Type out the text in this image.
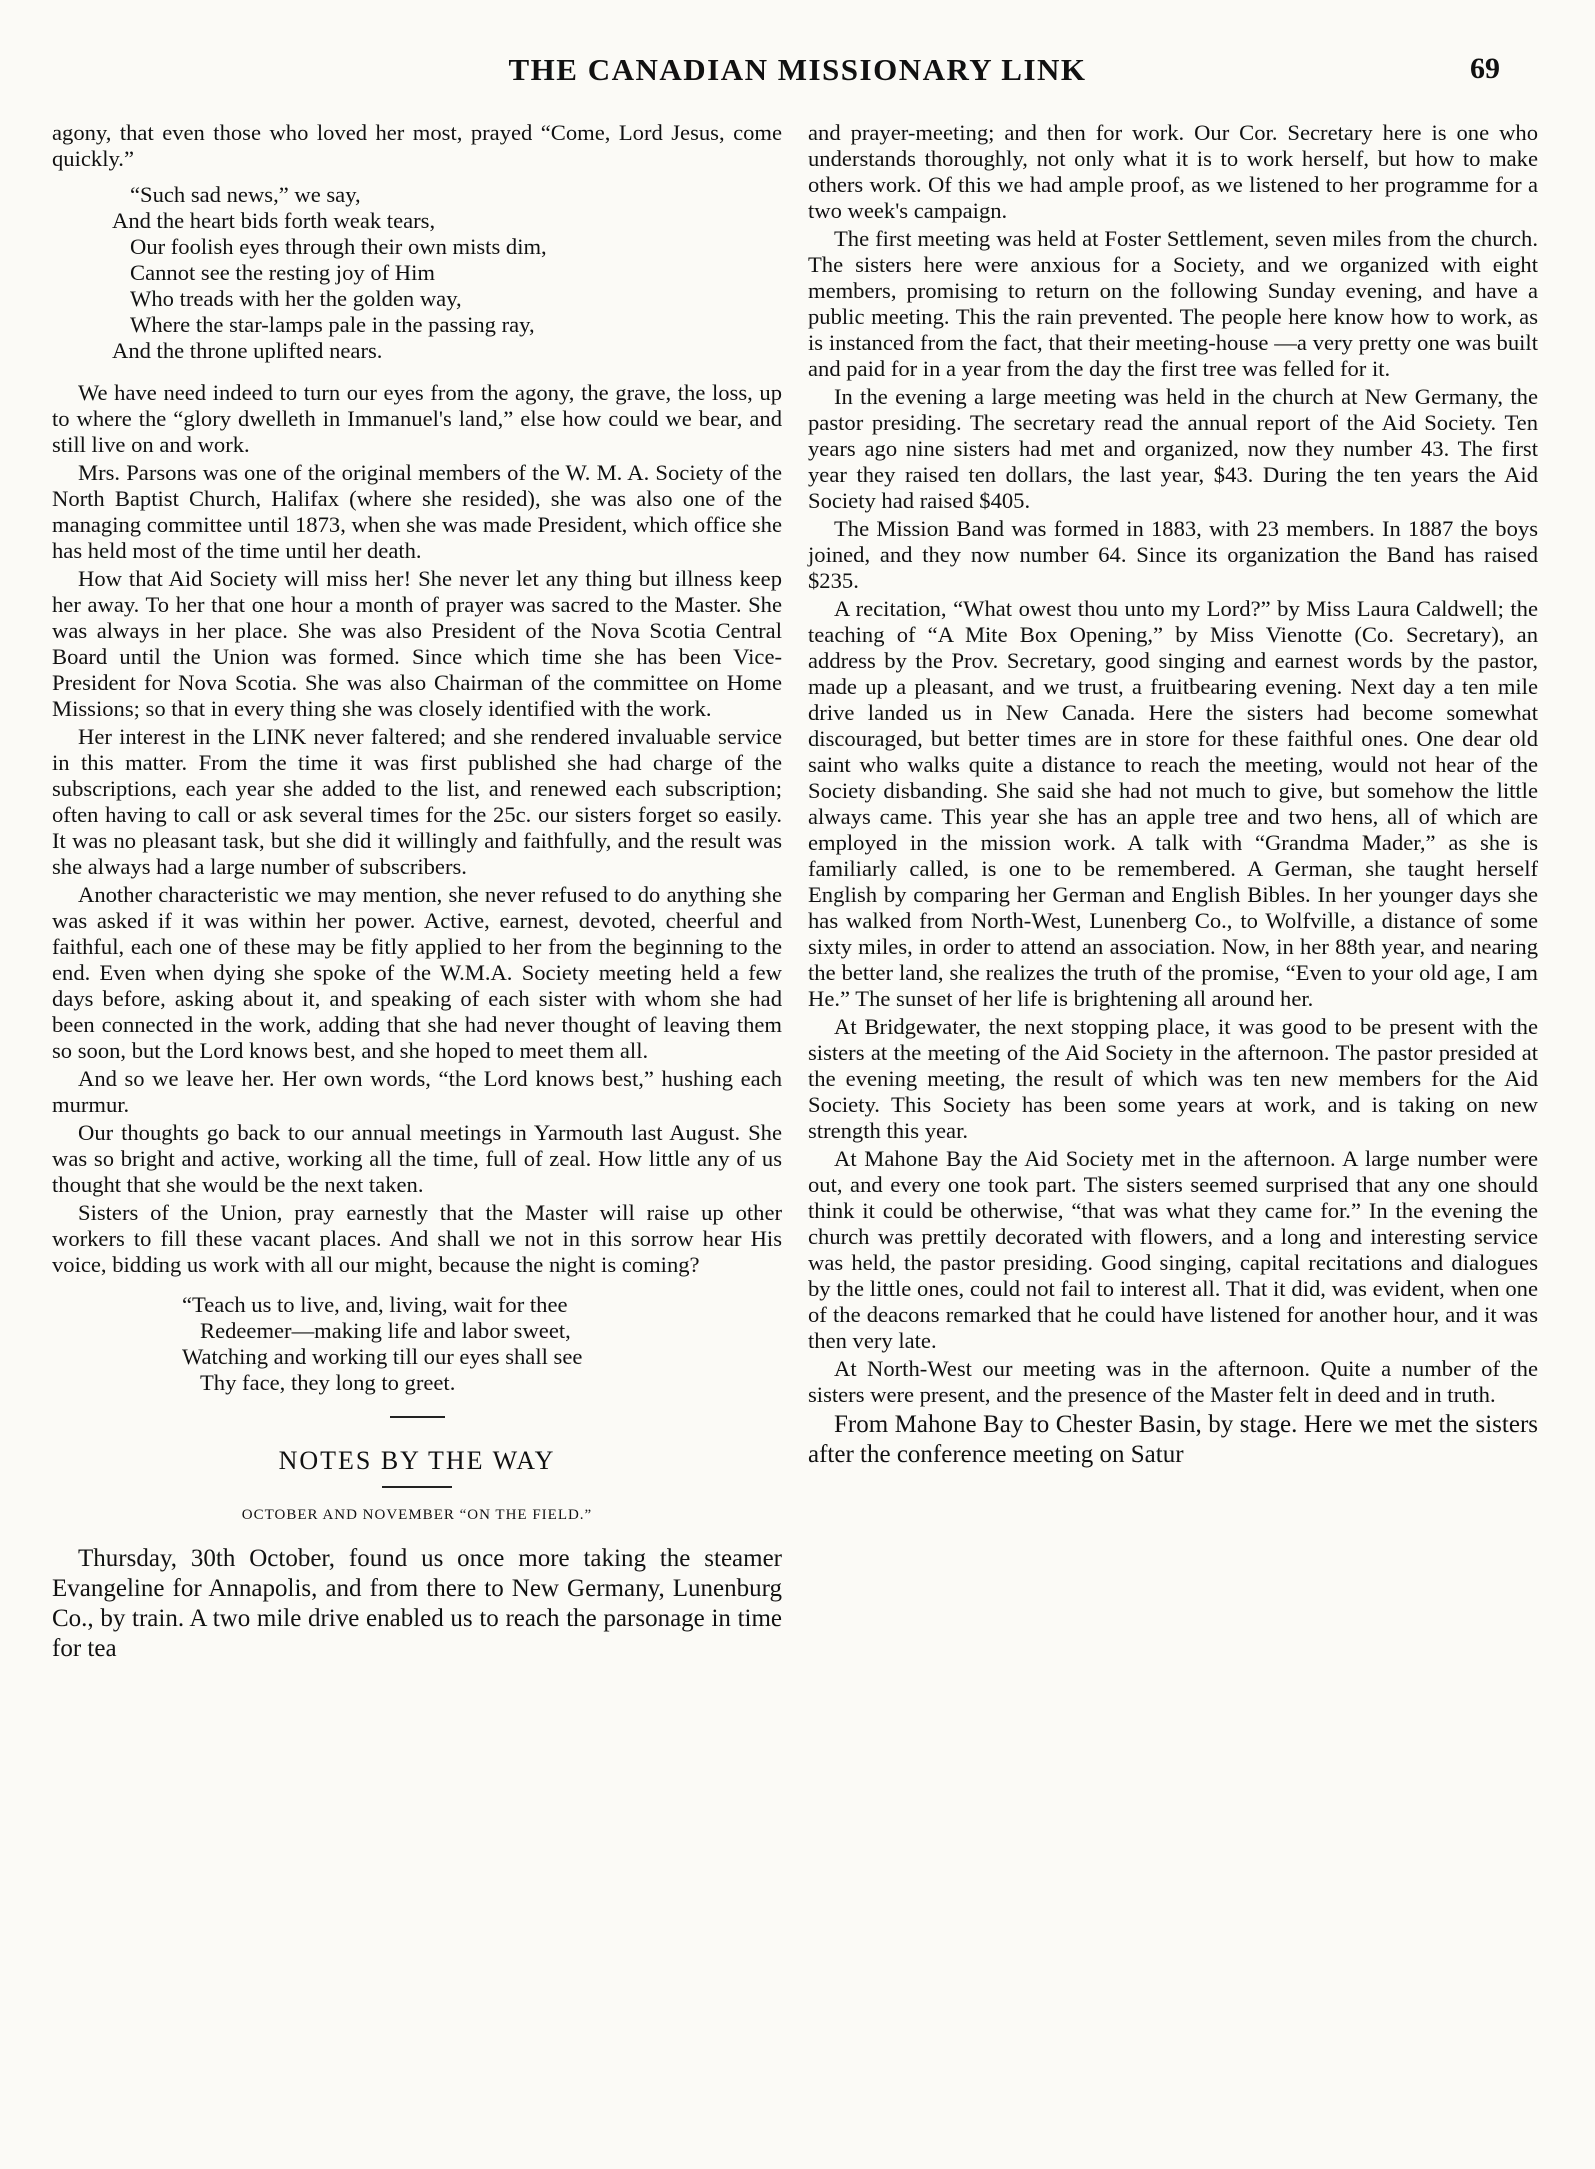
THE CANADIAN MISSIONARY LINK	69

agony, that even those who loved her most, prayed “Come, Lord Jesus, come quickly.”

“Such sad news,” we say,
And the heart bids forth weak tears,
Our foolish eyes through their own mists dim,
Cannot see the resting joy of Him
Who treads with her the golden way,
Where the star-lamps pale in the passing ray,
And the throne uplifted nears.

We have need indeed to turn our eyes from the agony, the grave, the loss, up to where the “glory dwelleth in Immanuel's land,” else how could we bear, and still live on and work.

Mrs. Parsons was one of the original members of the W. M. A. Society of the North Baptist Church, Halifax (where she resided), she was also one of the managing committee until 1873, when she was made President, which office she has held most of the time until her death.

How that Aid Society will miss her! She never let any thing but illness keep her away. To her that one hour a month of prayer was sacred to the Master. She was always in her place. She was also President of the Nova Scotia Central Board until the Union was formed. Since which time she has been Vice-President for Nova Scotia. She was also Chairman of the committee on Home Missions; so that in every thing she was closely identified with the work.

Her interest in the LINK never faltered; and she rendered invaluable service in this matter. From the time it was first published she had charge of the subscriptions, each year she added to the list, and renewed each subscription; often having to call or ask several times for the 25c. our sisters forget so easily. It was no pleasant task, but she did it willingly and faithfully, and the result was she always had a large number of subscribers.

Another characteristic we may mention, she never refused to do anything she was asked if it was within her power. Active, earnest, devoted, cheerful and faithful, each one of these may be fitly applied to her from the beginning to the end. Even when dying she spoke of the W.M.A. Society meeting held a few days before, asking about it, and speaking of each sister with whom she had been connected in the work, adding that she had never thought of leaving them so soon, but the Lord knows best, and she hoped to meet them all.

And so we leave her. Her own words, “the Lord knows best,” hushing each murmur.

Our thoughts go back to our annual meetings in Yarmouth last August. She was so bright and active, working all the time, full of zeal. How little any of us thought that she would be the next taken.

Sisters of the Union, pray earnestly that the Master will raise up other workers to fill these vacant places. And shall we not in this sorrow hear His voice, bidding us work with all our might, because the night is coming?

“Teach us to live, and, living, wait for thee
Redeemer—making life and labor sweet,
Watching and working till our eyes shall see
Thy face, they long to greet.
NOTES BY THE WAY
OCTOBER AND NOVEMBER “ON THE FIELD.”

Thursday, 30th October, found us once more taking the steamer Evangeline for Annapolis, and from there to New Germany, Lunenburg Co., by train. A two mile drive enabled us to reach the parsonage in time for tea

and prayer-meeting; and then for work. Our Cor. Secretary here is one who understands thoroughly, not only what it is to work herself, but how to make others work. Of this we had ample proof, as we listened to her programme for a two week's campaign.

The first meeting was held at Foster Settlement, seven miles from the church. The sisters here were anxious for a Society, and we organized with eight members, promising to return on the following Sunday evening, and have a public meeting. This the rain prevented. The people here know how to work, as is instanced from the fact, that their meeting-house —a very pretty one was built and paid for in a year from the day the first tree was felled for it.

In the evening a large meeting was held in the church at New Germany, the pastor presiding. The secretary read the annual report of the Aid Society. Ten years ago nine sisters had met and organized, now they number 43. The first year they raised ten dollars, the last year, $43. During the ten years the Aid Society had raised $405.

The Mission Band was formed in 1883, with 23 members. In 1887 the boys joined, and they now number 64. Since its organization the Band has raised $235.

A recitation, “What owest thou unto my Lord?” by Miss Laura Caldwell; the teaching of “A Mite Box Opening,” by Miss Vienotte (Co. Secretary), an address by the Prov. Secretary, good singing and earnest words by the pastor, made up a pleasant, and we trust, a fruitbearing evening. Next day a ten mile drive landed us in New Canada. Here the sisters had become somewhat discouraged, but better times are in store for these faithful ones. One dear old saint who walks quite a distance to reach the meeting, would not hear of the Society disbanding. She said she had not much to give, but somehow the little always came. This year she has an apple tree and two hens, all of which are employed in the mission work. A talk with “Grandma Mader,” as she is familiarly called, is one to be remembered. A German, she taught herself English by comparing her German and English Bibles. In her younger days she has walked from North-West, Lunenberg Co., to Wolfville, a distance of some sixty miles, in order to attend an association. Now, in her 88th year, and nearing the better land, she realizes the truth of the promise, “Even to your old age, I am He.” The sunset of her life is brightening all around her.

At Bridgewater, the next stopping place, it was good to be present with the sisters at the meeting of the Aid Society in the afternoon. The pastor presided at the evening meeting, the result of which was ten new members for the Aid Society. This Society has been some years at work, and is taking on new strength this year.

At Mahone Bay the Aid Society met in the afternoon. A large number were out, and every one took part. The sisters seemed surprised that any one should think it could be otherwise, “that was what they came for.” In the evening the church was prettily decorated with flowers, and a long and interesting service was held, the pastor presiding. Good singing, capital recitations and dialogues by the little ones, could not fail to interest all. That it did, was evident, when one of the deacons remarked that he could have listened for another hour, and it was then very late.

At North-West our meeting was in the afternoon. Quite a number of the sisters were present, and the presence of the Master felt in deed and in truth.

From Mahone Bay to Chester Basin, by stage. Here we met the sisters after the conference meeting on Satur
